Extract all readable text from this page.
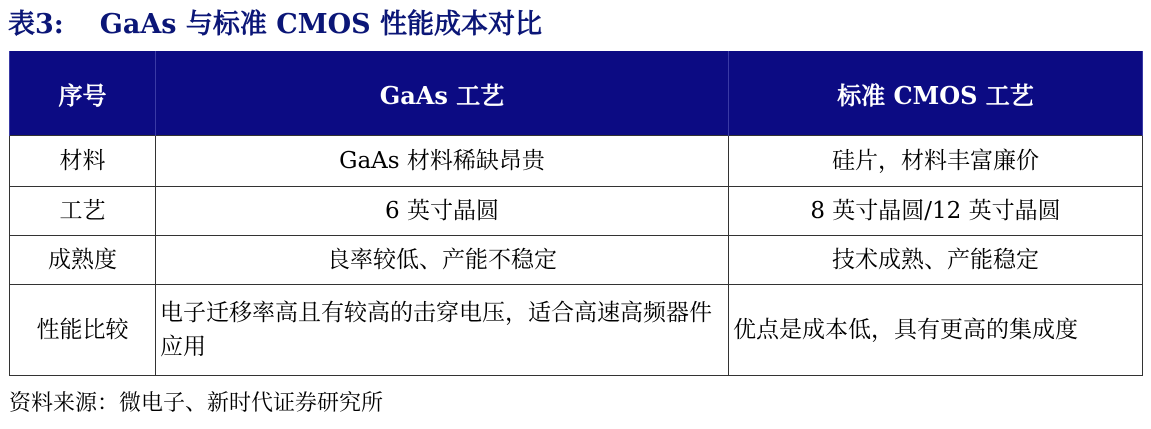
表3: GaAs 与标准 CMOS 性能成本对比
序号	GaAs 工艺	标准 CMOS 工艺
材料	GaAs 材料稀缺昂贵	硅片，材料丰富廉价
工艺	6 英寸晶圆	8 英寸晶圆/12 英寸晶圆
成熟度	良率较低、产能不稳定	技术成熟、产能稳定
性能比较	电子迁移率高且有较高的击穿电压，适合高速高频器件应用	优点是成本低，具有更高的集成度
资料来源：微电子、新时代证券研究所
